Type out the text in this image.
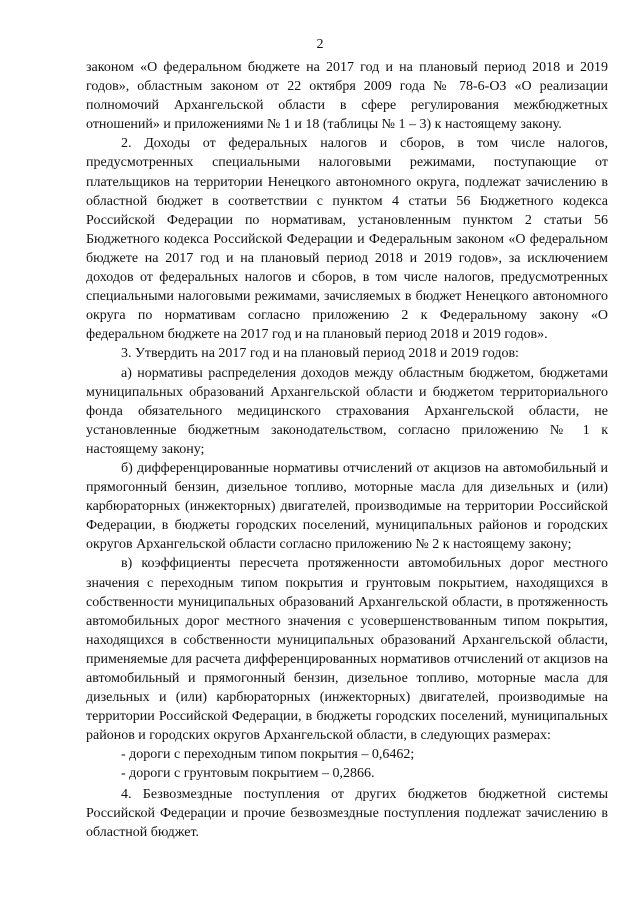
2

законом «О федеральном бюджете на 2017 год и на плановый период 2018 и 2019 годов», областным законом от 22 октября 2009 года № 78-6-ОЗ «О реализации полномочий Архангельской области в сфере регулирования межбюджетных отношений» и приложениями № 1 и 18 (таблицы № 1 – 3) к настоящему закону.

2. Доходы от федеральных налогов и сборов, в том числе налогов, предусмотренных специальными налоговыми режимами, поступающие от плательщиков на территории Ненецкого автономного округа, подлежат зачислению в областной бюджет в соответствии с пунктом 4 статьи 56 Бюджетного кодекса Российской Федерации по нормативам, установленным пунктом 2 статьи 56 Бюджетного кодекса Российской Федерации и Федеральным законом «О федеральном бюджете на 2017 год и на плановый период 2018 и 2019 годов», за исключением доходов от федеральных налогов и сборов, в том числе налогов, предусмотренных специальными налоговыми режимами, зачисляемых в бюджет Ненецкого автономного округа по нормативам согласно приложению 2 к Федеральному закону «О федеральном бюджете на 2017 год и на плановый период 2018 и 2019 годов».

3. Утвердить на 2017 год и на плановый период 2018 и 2019 годов:

а) нормативы распределения доходов между областным бюджетом, бюджетами муниципальных образований Архангельской области и бюджетом территориального фонда обязательного медицинского страхования Архангельской области, не установленные бюджетным законодательством, согласно приложению № 1 к настоящему закону;

б) дифференцированные нормативы отчислений от акцизов на автомобильный и прямогонный бензин, дизельное топливо, моторные масла для дизельных и (или) карбюраторных (инжекторных) двигателей, производимые на территории Российской Федерации, в бюджеты городских поселений, муниципальных районов и городских округов Архангельской области согласно приложению № 2 к настоящему закону;

в) коэффициенты пересчета протяженности автомобильных дорог местного значения с переходным типом покрытия и грунтовым покрытием, находящихся в собственности муниципальных образований Архангельской области, в протяженность автомобильных дорог местного значения с усовершенствованным типом покрытия, находящихся в собственности муниципальных образований Архангельской области, применяемые для расчета дифференцированных нормативов отчислений от акцизов на автомобильный и прямогонный бензин, дизельное топливо, моторные масла для дизельных и (или) карбюраторных (инжекторных) двигателей, производимые на территории Российской Федерации, в бюджеты городских поселений, муниципальных районов и городских округов Архангельской области, в следующих размерах:

- дороги с переходным типом покрытия – 0,6462;

- дороги с грунтовым покрытием – 0,2866.

4. Безвозмездные поступления от других бюджетов бюджетной системы Российской Федерации и прочие безвозмездные поступления подлежат зачислению в областной бюджет.
